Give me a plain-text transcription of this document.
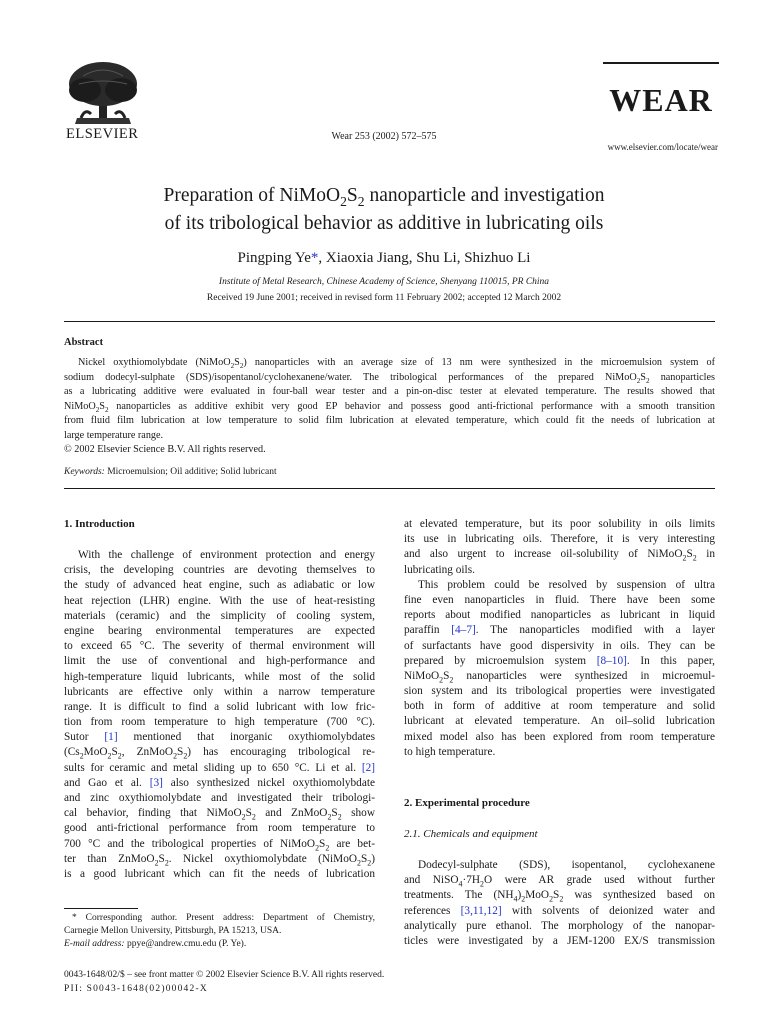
ELSEVIER	Wear 253 (2002) 572–575
WEAR
www.elsevier.com/locate/wear
Preparation of $NiMoO_2S_2$ nanoparticle and investigation
of its tribological behavior as additive in lubricating oils
Pingping Ye*, Xiaoxia Jiang, Shu Li, Shizhuo Li
Institute of Metal Research, Chinese Academy of Science, Shenyang 110015, PR China
Received 19 June 2001; received in revised form 11 February 2002; accepted 12 March 2002
Abstract
Nickel oxythiomolybdate $(NiMoO_2S_2)$ nanoparticles with an average size of 13 nm were synthesized in the microemulsion system of
sodium dodecyl-sulphate (SDS)/isopentanol/cyclohexanene/water. The tribological performances of the prepared $NiMoO_2S_2$ nanoparticles
as a lubricating additive were evaluated in four-ball wear tester and a pin-on-disc tester at elevated temperature. The results showed that
$NiMoO_2S_2$ nanoparticles as additive exhibit very good EP behavior and possess good anti-frictional performance with a smooth transition
from fluid film lubrication at low temperature to solid film lubrication at elevated temperature, which could fit the needs of lubrication at
large temperature range.
© 2002 Elsevier Science B.V. All rights reserved.
Keywords: Microemulsion; Oil additive; Solid lubricant
1. Introduction
With the challenge of environment protection and energy
crisis, the developing countries are devoting themselves to
the study of advanced heat engine, such as adiabatic or low
heat rejection (LHR) engine. With the use of heat-resisting
materials (ceramic) and the simplicity of cooling system,
engine bearing environmental temperatures are expected
to exceed 65 °C. The severity of thermal environment will
limit the use of conventional and high-performance and
high-temperature liquid lubricants, while most of the solid
lubricants are effective only within a narrow temperature
range. It is difficult to find a solid lubricant with low fric-
tion from room temperature to high temperature (700 °C).
Sutor [1] mentioned that inorganic oxythiomolybdates
($Cs_2MoO_2S_2$, $ZnMoO_2S_2$) has encouraging tribological re-
sults for ceramic and metal sliding up to 650 °C. Li et al. [2]
and Gao et al. [3] also synthesized nickel oxythiomolybdate
and zinc oxythiomolybdate and investigated their tribologi-
cal behavior, finding that $NiMoO_2S_2$ and $ZnMoO_2S_2$ show
good anti-frictional performance from room temperature to
700 °C and the tribological properties of $NiMoO_2S_2$ are bet-
ter than $ZnMoO_2S_2$. Nickel oxythiomolybdate $(NiMoO_2S_2)$
is a good lubricant which can fit the needs of lubrication
* Corresponding author. Present address: Department of Chemistry,
Carnegie Mellon University, Pittsburgh, PA 15213, USA.
E-mail address: ppye@andrew.cmu.edu (P. Ye).
0043-1648/02/$ – see front matter © 2002 Elsevier Science B.V. All rights reserved.
PII: S0043-1648(02)00042-X
at elevated temperature, but its poor solubility in oils limits
its use in lubricating oils. Therefore, it is very interesting
and also urgent to increase oil-solubility of $NiMoO_2S_2$ in
lubricating oils.
This problem could be resolved by suspension of ultra
fine even nanoparticles in fluid. There have been some
reports about modified nanoparticles as lubricant in liquid
paraffin [4–7]. The nanoparticles modified with a layer
of surfactants have good dispersivity in oils. They can be
prepared by microemulsion system [8–10]. In this paper,
$NiMoO_2S_2$ nanoparticles were synthesized in microemul-
sion system and its tribological properties were investigated
both in form of additive at room temperature and solid
lubricant at elevated temperature. An oil–solid lubrication
mixed model also has been explored from room temperature
to high temperature.
2. Experimental procedure
2.1. Chemicals and equipment
Dodecyl-sulphate (SDS), isopentanol, cyclohexanene
and $NiSO_4\cdot 7H_2O$ were AR grade used without further
treatments. The $(NH_4)_2MoO_2S_2$ was synthesized based on
references [3,11,12] with solvents of deionized water and
analytically pure ethanol. The morphology of the nanopar-
ticles were investigated by a JEM-1200 EX/S transmission
